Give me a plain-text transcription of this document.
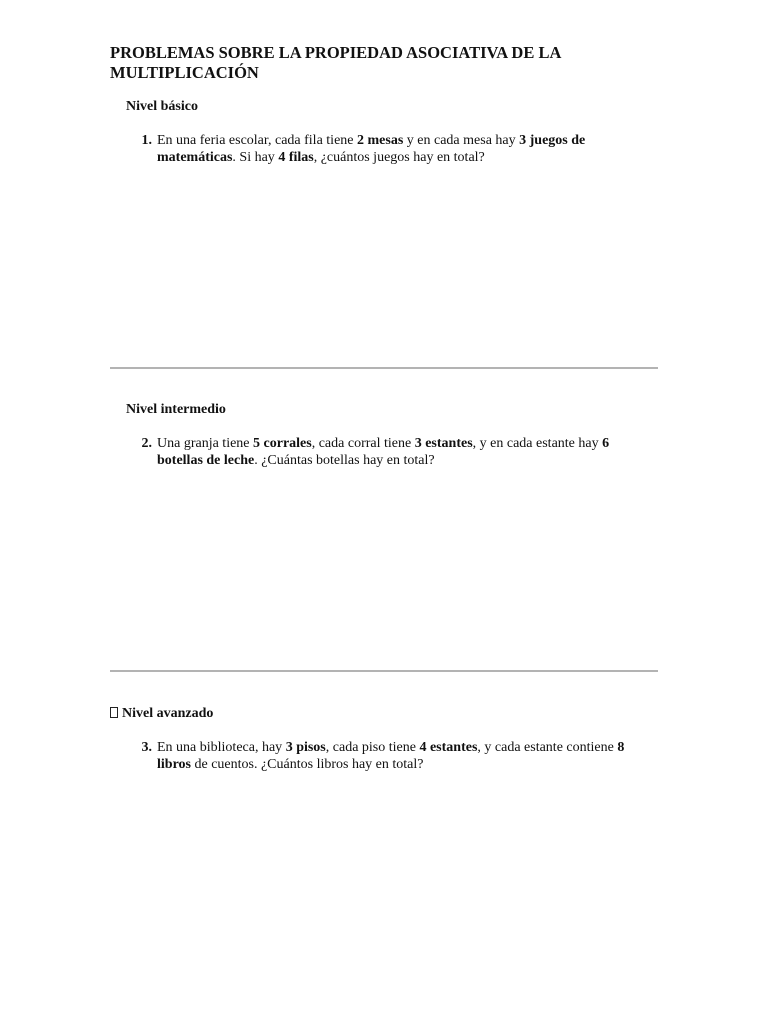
PROBLEMAS SOBRE LA PROPIEDAD ASOCIATIVA DE LA MULTIPLICACIÓN
Nivel básico
1. En una feria escolar, cada fila tiene 2 mesas y en cada mesa hay 3 juegos de matemáticas. Si hay 4 filas, ¿cuántos juegos hay en total?
Nivel intermedio
2. Una granja tiene 5 corrales, cada corral tiene 3 estantes, y en cada estante hay 6 botellas de leche. ¿Cuántas botellas hay en total?
Nivel avanzado
3. En una biblioteca, hay 3 pisos, cada piso tiene 4 estantes, y cada estante contiene 8 libros de cuentos. ¿Cuántos libros hay en total?
